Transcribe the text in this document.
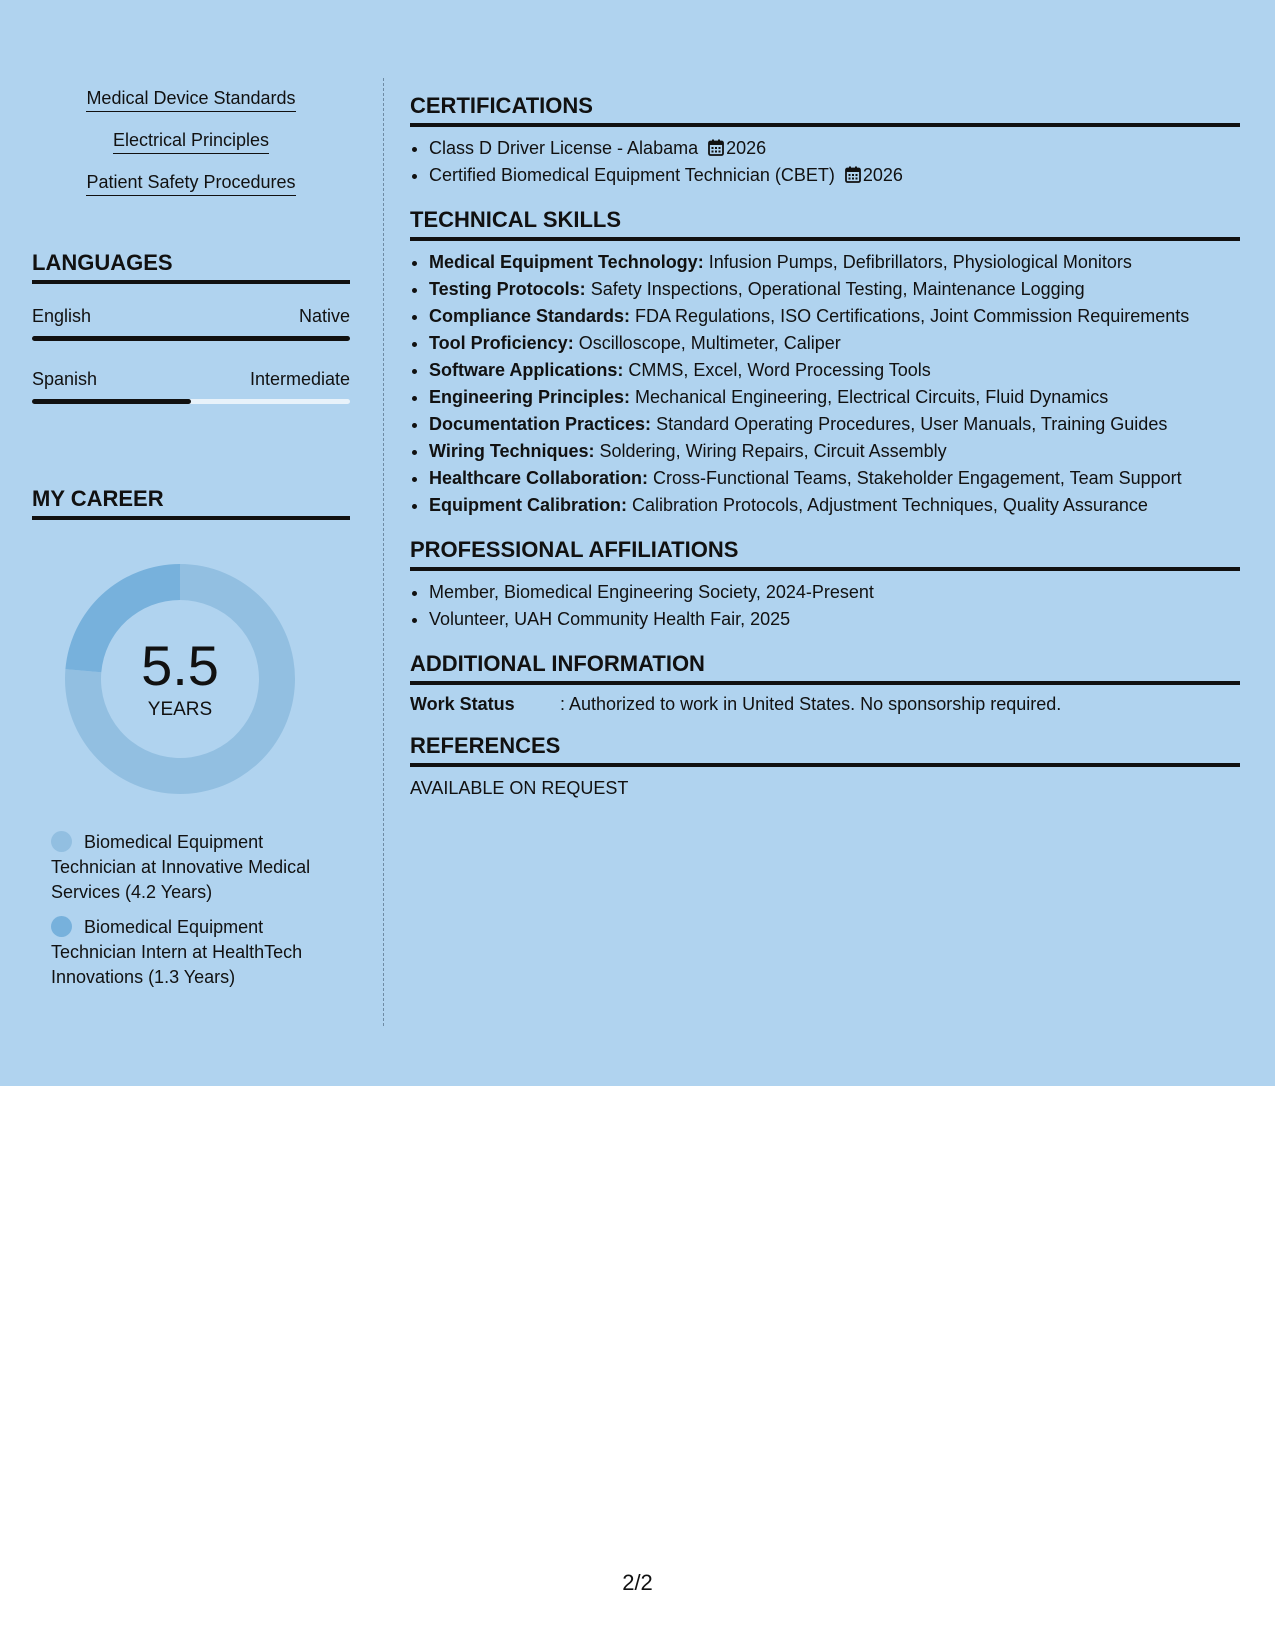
Medical Device Standards
Electrical Principles
Patient Safety Procedures
LANGUAGES
English	Native
Spanish	Intermediate
MY CAREER
5.5
YEARS
Biomedical Equipment Technician at Innovative Medical Services (4.2 Years)
Biomedical Equipment Technician Intern at HealthTech Innovations (1.3 Years)
CERTIFICATIONS
• Class D Driver License - Alabama 2026
• Certified Biomedical Equipment Technician (CBET) 2026
TECHNICAL SKILLS
• Medical Equipment Technology: Infusion Pumps, Defibrillators, Physiological Monitors
• Testing Protocols: Safety Inspections, Operational Testing, Maintenance Logging
• Compliance Standards: FDA Regulations, ISO Certifications, Joint Commission Requirements
• Tool Proficiency: Oscilloscope, Multimeter, Caliper
• Software Applications: CMMS, Excel, Word Processing Tools
• Engineering Principles: Mechanical Engineering, Electrical Circuits, Fluid Dynamics
• Documentation Practices: Standard Operating Procedures, User Manuals, Training Guides
• Wiring Techniques: Soldering, Wiring Repairs, Circuit Assembly
• Healthcare Collaboration: Cross-Functional Teams, Stakeholder Engagement, Team Support
• Equipment Calibration: Calibration Protocols, Adjustment Techniques, Quality Assurance
PROFESSIONAL AFFILIATIONS
• Member, Biomedical Engineering Society, 2024-Present
• Volunteer, UAH Community Health Fair, 2025
ADDITIONAL INFORMATION
Work Status	: Authorized to work in United States. No sponsorship required.
REFERENCES
AVAILABLE ON REQUEST
2/2
